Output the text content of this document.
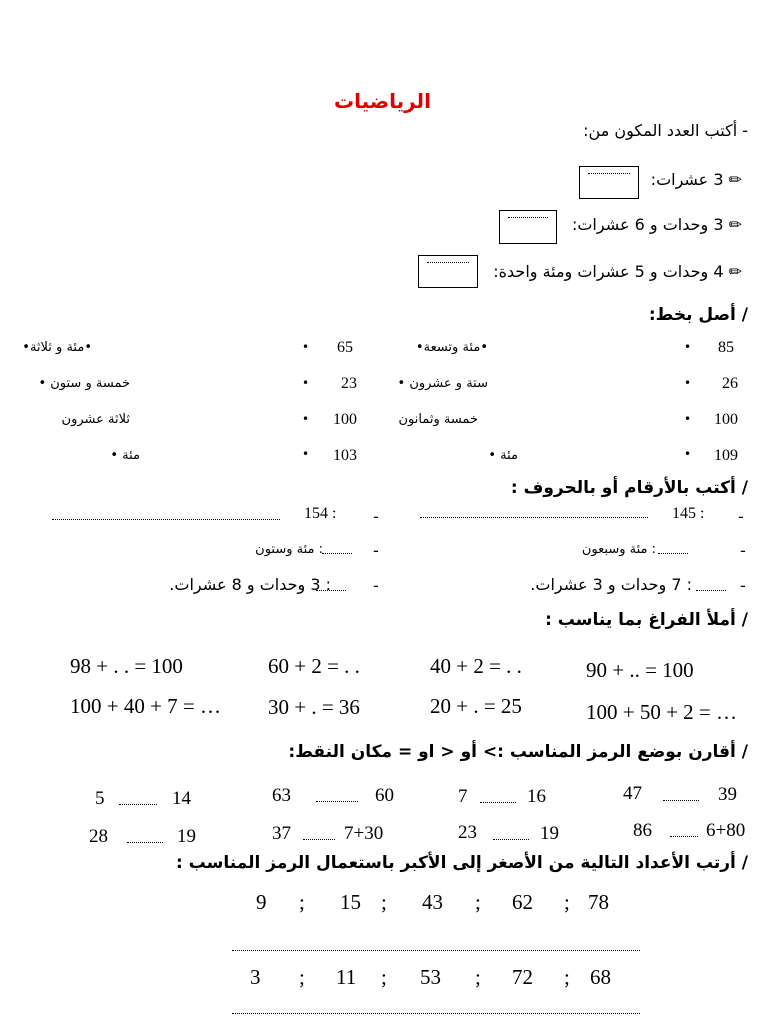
الرياضيات
- أكتب العدد المكون من:
✏ 3 عشرات:
✏ 3 وحدات و 6 عشرات:
✏ 4 وحدات و 5 عشرات ومئة واحدة:
/ أصل بخط:
85
•
•مئة وتسعة•
26
•
ستة و عشرون •
100
•
خمسة وثمانون
109
•
مئة •
65
•
•مئة و ثلاثة•
23
•
خمسة و ستون •
100
•
ثلاثة عشرون
103
•
مئة •
/ أكتب بالأرقام أو بالحروف :
-
145 :
-
154 :
-
: مئة وسبعون
-
: مئة وستون
-
: 7 وحدات و 3 عشرات.
-
: 3 وحدات و 8 عشرات.
/ أملأ الفراغ بما يناسب :
90 + .. = 100
40 + 2 = . .
60 + 2 = . .
98 + . . = 100
100 + 50 + 2 = …
20 + . = 25
30 + . = 36
100 + 40 + 7 = …
/ أقارن بوضع الرمز المناسب :> أو < او = مكان النقط:
39
47
16
7
60
63
14
5
6+80
86
19
23
7+30
37
19
28
/ أرتب الأعداد التالية من الأصغر إلى الأكبر باستعمال الرمز المناسب :
9 ; 15 ; 43 ; 62 ; 78
3 ; 11 ; 53 ; 72 ; 68
